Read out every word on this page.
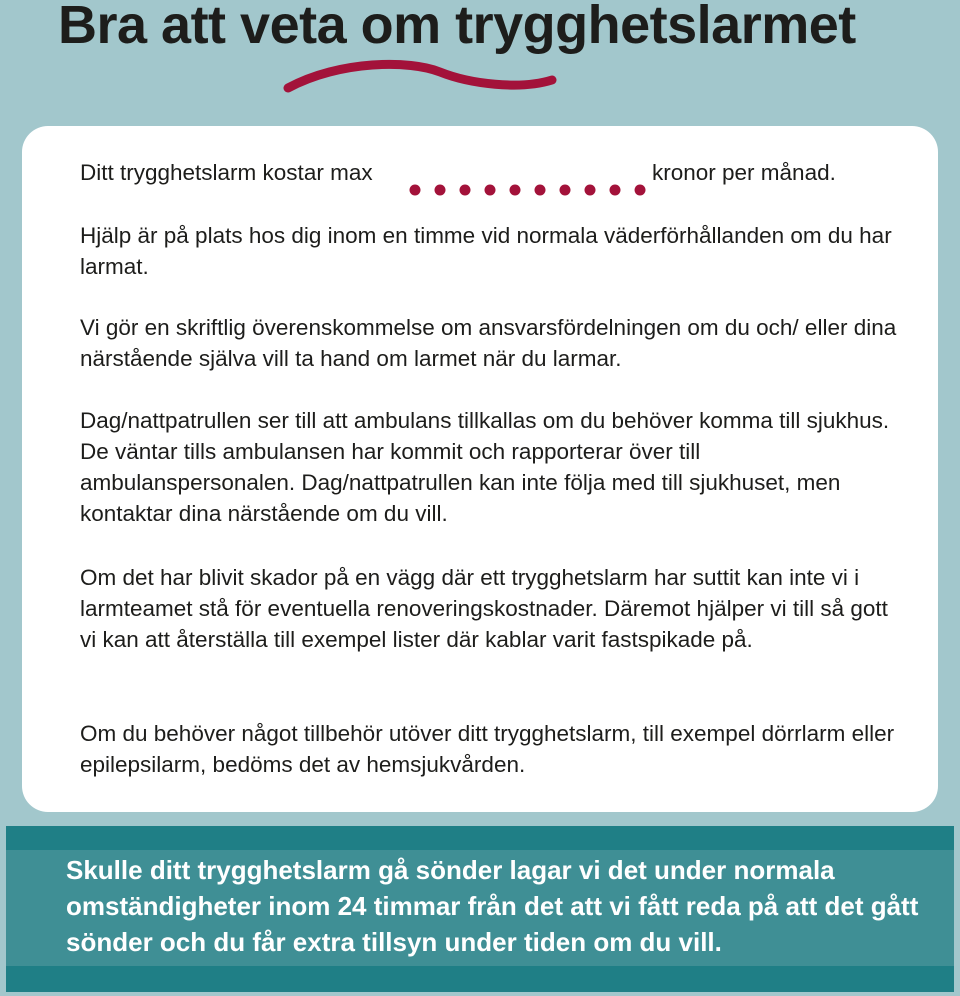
Bra att veta om trygghetslarmet
Ditt trygghetslarm kostar max	kronor per månad.

Hjälp är på plats hos dig inom en timme vid normala väderförhållanden om du har larmat.

Vi gör en skriftlig överenskommelse om ansvarsfördelningen om du och/ eller dina närstående själva vill ta hand om larmet när du larmar.

Dag/nattpatrullen ser till att ambulans tillkallas om du behöver komma till sjukhus. De väntar tills ambulansen har kommit och rapporterar över till ambulanspersonalen. Dag/nattpatrullen kan inte följa med till sjukhuset, men kontaktar dina närstående om du vill.

Om det har blivit skador på en vägg där ett trygghetslarm har suttit kan inte vi i larmteamet stå för eventuella renoveringskostnader. Däremot hjälper vi till så gott vi kan att återställa till exempel lister där kablar varit fastspikade på.

Om du behöver något tillbehör utöver ditt trygghetslarm, till exempel dörrlarm eller epilepsilarm, bedöms det av hemsjukvården.

Skulle ditt trygghetslarm gå sönder lagar vi det under normala omständigheter inom 24 timmar från det att vi fått reda på att det gått sönder och du får extra tillsyn under tiden om du vill.
